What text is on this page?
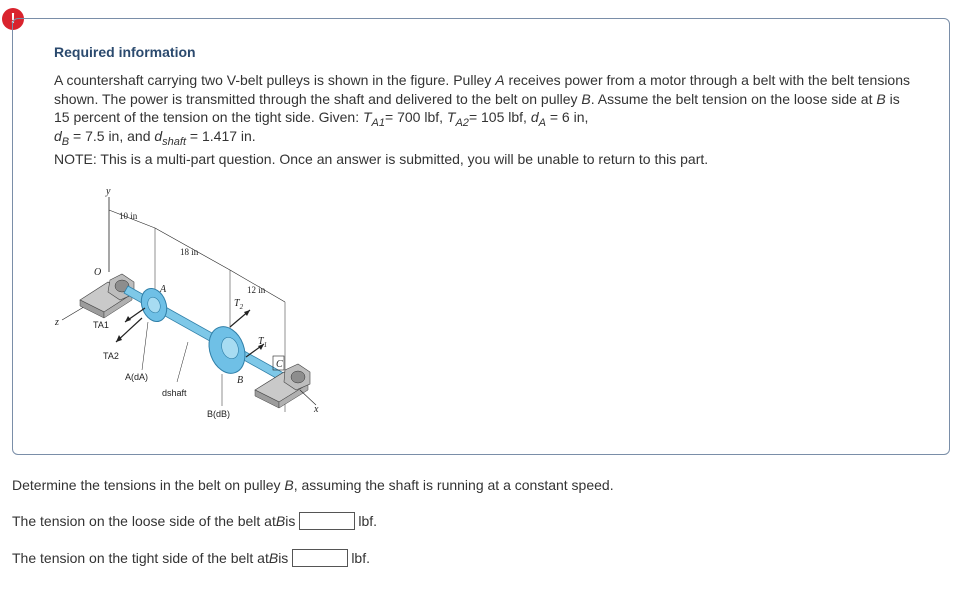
!
Required information
A countershaft carrying two V-belt pulleys is shown in the figure. Pulley A receives power from a motor through a belt with the belt tensions shown. The power is transmitted through the shaft and delivered to the belt on pulley B. Assume the belt tension on the loose side at B is 15 percent of the tension on the tight side. Given: $T_{A1}= 700$ lbf, $T_{A2}= 105$ lbf, $d_A = 6$ in,
$d_B = 7.5$ in, and $d_{shaft} = 1.417$ in.
NOTE: This is a multi-part question. Once an answer is submitted, you will be unable to return to this part.
y
10 in
18 in
12 in
O
z
A
B
$T_2$
$T_1$
TA1
TA2
C
x
A(dA)
dshaft
B(dB)
Determine the tensions in the belt on pulley B, assuming the shaft is running at a constant speed.
The tension on the loose side of the belt at B is	lbf.
The tension on the tight side of the belt at B is	lbf.
